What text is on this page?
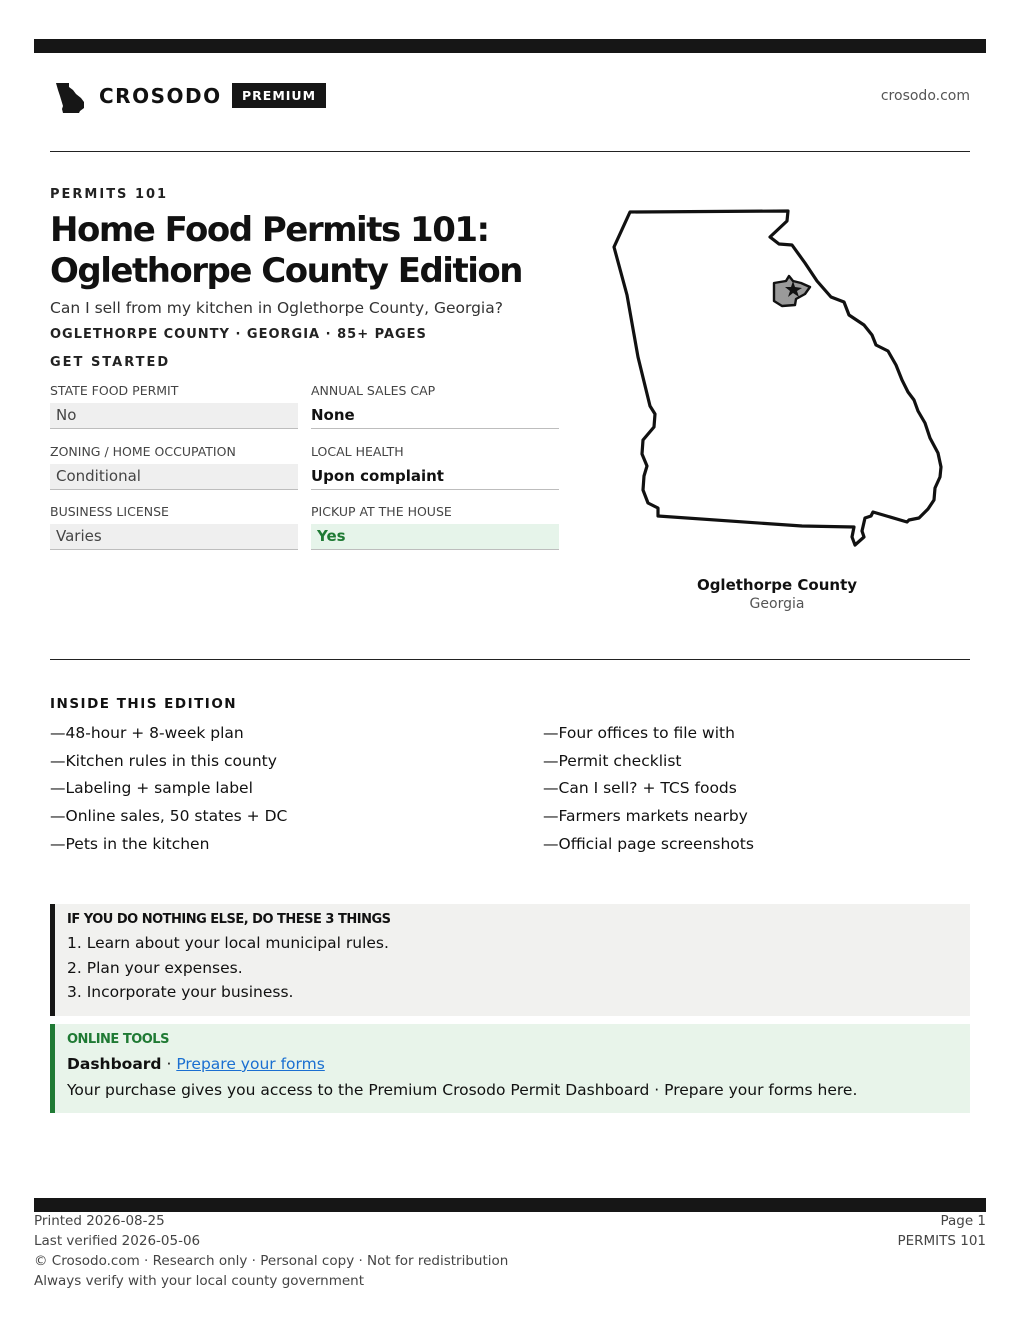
CROSODO	PREMIUM	crosodo.com
PERMITS 101
Home Food Permits 101:
Oglethorpe County Edition
Can I sell from my kitchen in Oglethorpe County, Georgia?
OGLETHORPE COUNTY · GEORGIA · 85+ PAGES
GET STARTED
STATE FOOD PERMIT
No
ANNUAL SALES CAP
None
ZONING / HOME OCCUPATION
Conditional
LOCAL HEALTH
Upon complaint
BUSINESS LICENSE
Varies
PICKUP AT THE HOUSE
Yes
Oglethorpe County
Georgia
INSIDE THIS EDITION
—48-hour + 8-week plan
—Kitchen rules in this county
—Labeling + sample label
—Online sales, 50 states + DC
—Pets in the kitchen
—Four offices to file with
—Permit checklist
—Can I sell? + TCS foods
—Farmers markets nearby
—Official page screenshots
IF YOU DO NOTHING ELSE, DO THESE 3 THINGS
1. Learn about your local municipal rules.
2. Plan your expenses.
3. Incorporate your business.
ONLINE TOOLS
Dashboard · Prepare your forms
Your purchase gives you access to the Premium Crosodo Permit Dashboard · Prepare your forms here.
Printed 2026-08-25
Last verified 2026-05-06
© Crosodo.com · Research only · Personal copy · Not for redistribution
Always verify with your local county government
Page 1
PERMITS 101
